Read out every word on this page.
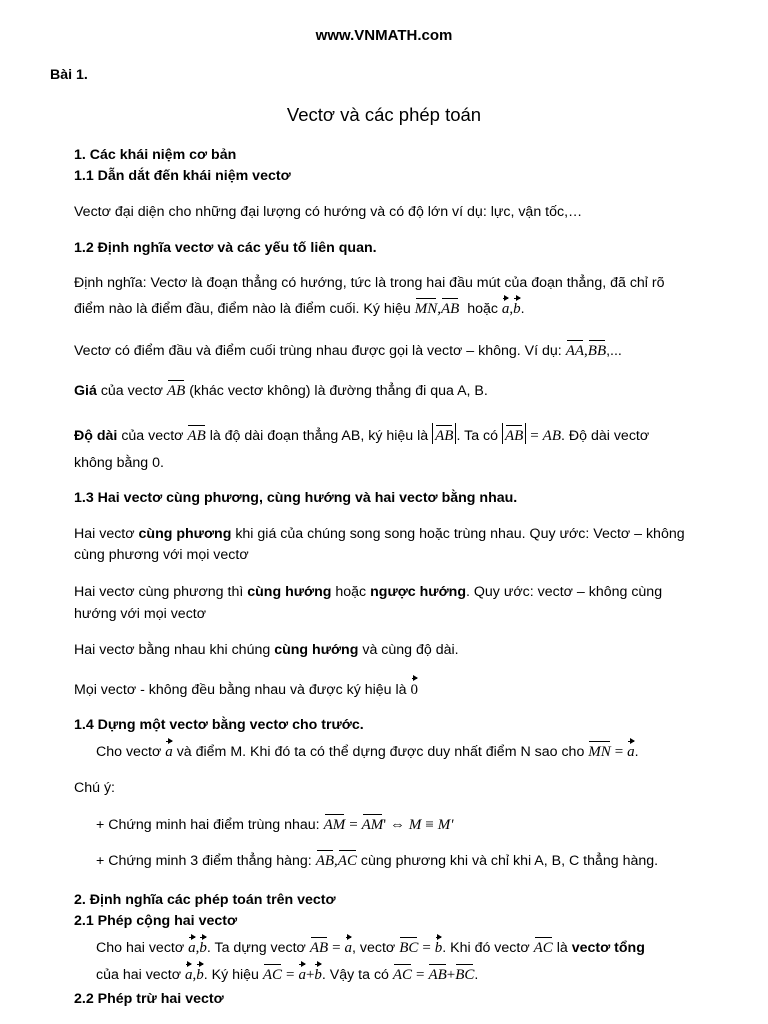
www.VNMATH.com
Bài 1.
Vectơ và các phép toán
1. Các khái niệm cơ bản
1.1 Dẫn dắt đến khái niệm vectơ
Vectơ đại diện cho những đại lượng có hướng và có độ lớn ví dụ: lực, vận tốc,…
1.2 Định nghĩa vectơ và các yếu tố liên quan.
Định nghĩa: Vectơ là đoạn thẳng có hướng, tức là trong hai đầu mút của đoạn thẳng, đã chỉ rõ
điểm nào là điểm đầu, điểm nào là điểm cuối. Ký hiệu MN,AB hoặc a,b.
Vectơ có điểm đầu và điểm cuối trùng nhau được gọi là vectơ – không. Ví dụ: AA,BB,...
Giá của vectơ AB (khác vectơ không) là đường thẳng đi qua A, B.
Độ dài của vectơ AB là độ dài đoạn thẳng AB, ký hiệu là AB . Ta có AB = AB. Độ dài vectơ
không bằng 0.
1.3 Hai vectơ cùng phương, cùng hướng và hai vectơ bằng nhau.
Hai vectơ cùng phương khi giá của chúng song song hoặc trùng nhau. Quy ước: Vectơ – không
cùng phương với mọi vectơ
Hai vectơ cùng phương thì cùng hướng hoặc ngược hướng. Quy ước: vectơ – không cùng
hướng với mọi vectơ
Hai vectơ bằng nhau khi chúng cùng hướng và cùng độ dài.
Mọi vectơ - không đều bằng nhau và được ký hiệu là 0
1.4 Dựng một vectơ bằng vectơ cho trước.
Cho vectơ a và điểm M. Khi đó ta có thể dựng được duy nhất điểm N sao cho MN = a.
Chú ý:
+ Chứng minh hai điểm trùng nhau: AM = AM' ⇔ M ≡ M'
+ Chứng minh 3 điểm thẳng hàng: AB,AC cùng phương khi và chỉ khi A, B, C thẳng hàng.
2. Định nghĩa các phép toán trên vectơ
2.1 Phép cộng hai vectơ
Cho hai vectơ a,b. Ta dựng vectơ AB = a, vectơ BC = b. Khi đó vectơ AC là vectơ tổng
của hai vectơ a,b. Ký hiệu AC = a+b. Vậy ta có AC = AB+BC.
2.2 Phép trừ hai vectơ
